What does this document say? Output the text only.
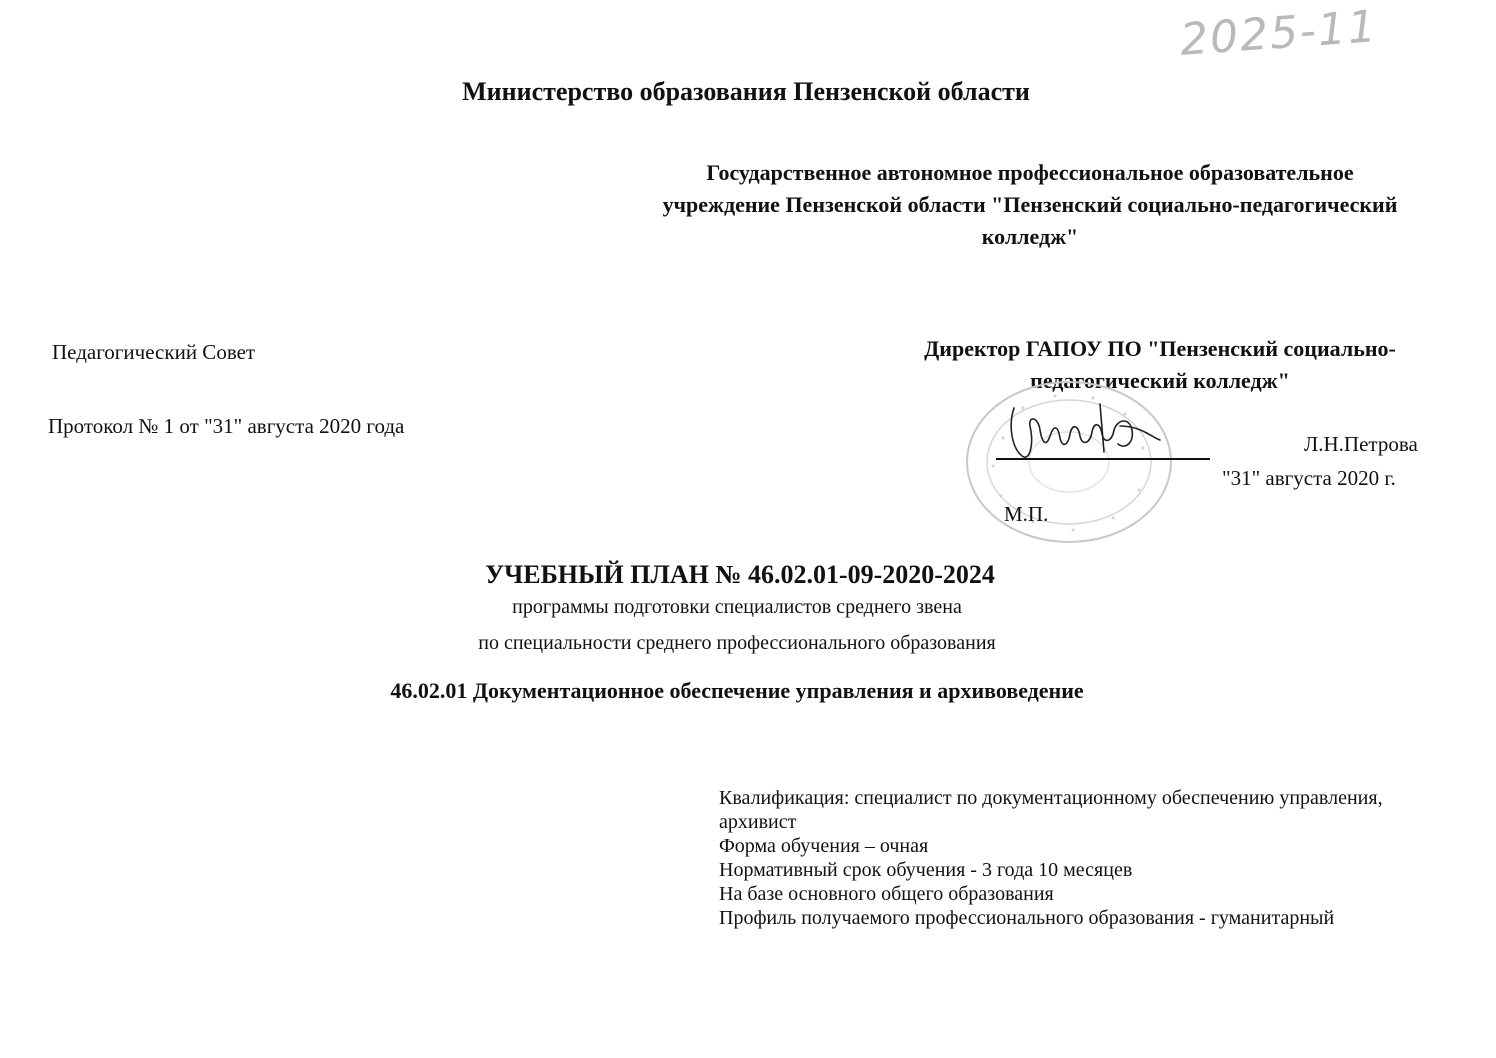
2025-11
Министерство образования Пензенской области
Государственное автономное профессиональное образовательное
учреждение Пензенской области "Пензенский социально-педагогический
колледж"
Педагогический Совет
Протокол № 1 от "31" августа 2020 года
Директор ГАПОУ ПО "Пензенский социально-
педагогический колледж"
Л.Н.Петрова
"31" августа 2020 г.
М.П.
УЧЕБНЫЙ ПЛАН № 46.02.01-09-2020-2024
программы подготовки специалистов среднего звена
по специальности среднего профессионального образования
46.02.01 Документационное обеспечение управления и архивоведение
Квалификация: специалист по документационному обеспечению управления,
архивист
Форма обучения – очная
Нормативный срок обучения - 3 года 10 месяцев
На базе основного общего образования
Профиль получаемого профессионального образования - гуманитарный
